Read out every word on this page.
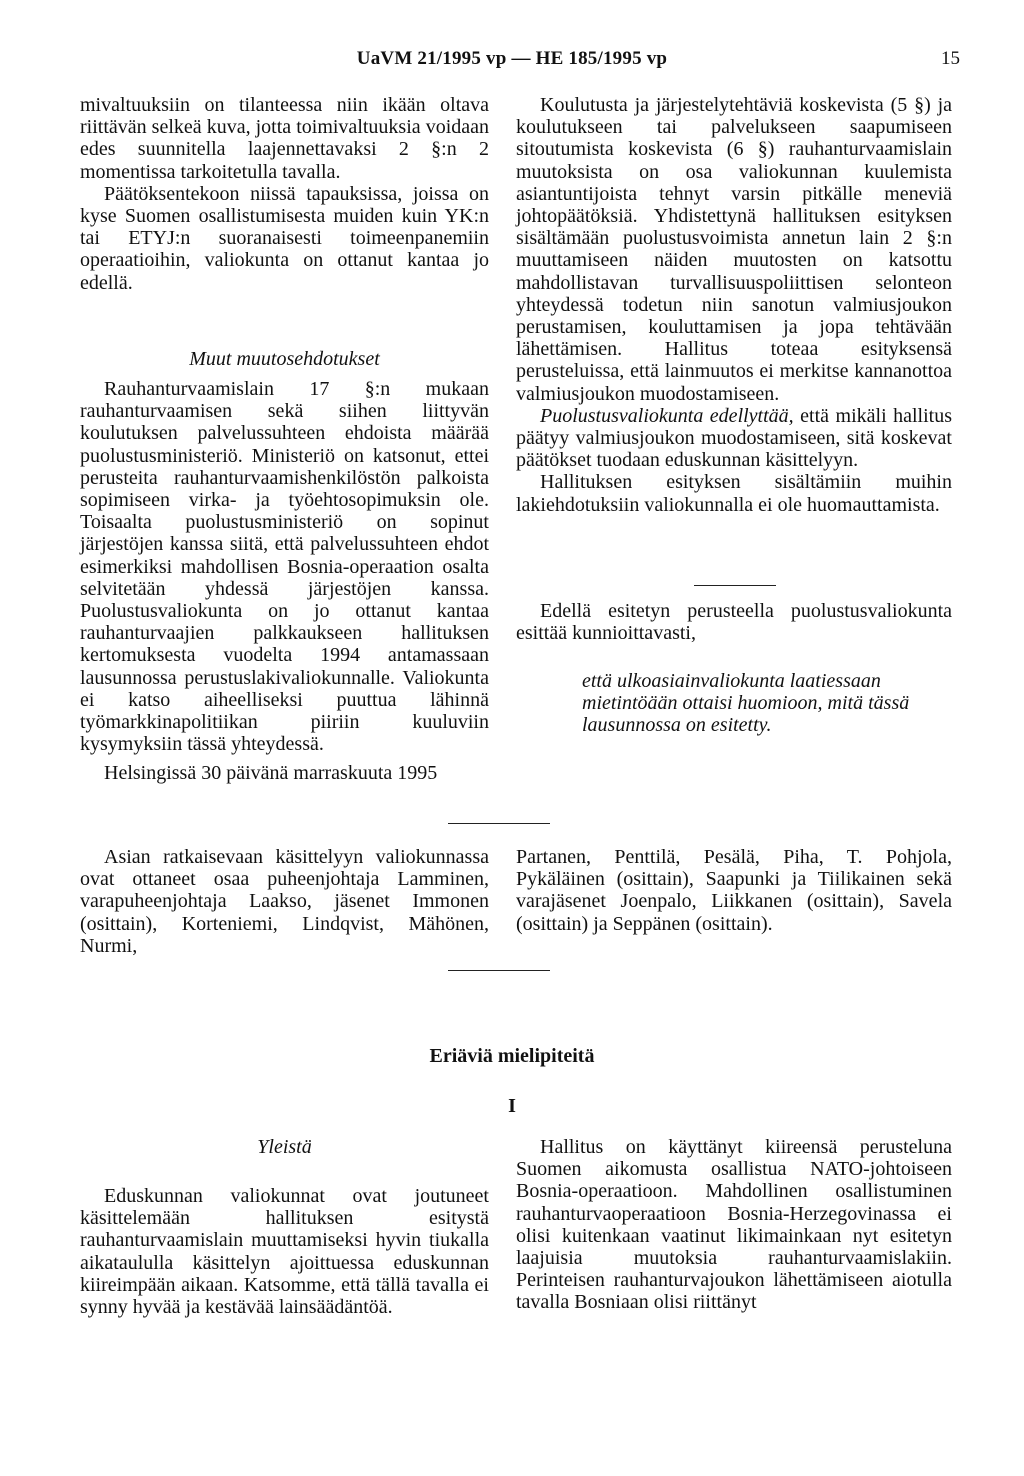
UaVM 21/1995 vp — HE 185/1995 vp	15

mivaltuuksiin on tilanteessa niin ikään oltava riittävän selkeä kuva, jotta toimivaltuuksia voidaan edes suunnitella laajennettavaksi 2 §:n 2 momentissa tarkoitetulla tavalla.

Päätöksentekoon niissä tapauksissa, joissa on kyse Suomen osallistumisesta muiden kuin YK:n tai ETYJ:n suoranaisesti toimeenpanemiin operaatioihin, valiokunta on ottanut kantaa jo edellä.

Muut muutosehdotukset

Rauhanturvaamislain 17 §:n mukaan rauhanturvaamisen sekä siihen liittyvän koulutuksen palvelussuhteen ehdoista määrää puolustusministeriö. Ministeriö on katsonut, ettei perusteita rauhanturvaamishenkilöstön palkoista sopimiseen virka- ja työehtosopimuksin ole. Toisaalta puolustusministeriö on sopinut järjestöjen kanssa siitä, että palvelussuhteen ehdot esimerkiksi mahdollisen Bosnia-operaation osalta selvitetään yhdessä järjestöjen kanssa. Puolustusvaliokunta on jo ottanut kantaa rauhanturvaajien palkkaukseen hallituksen kertomuksesta vuodelta 1994 antamassaan lausunnossa perustuslakivaliokunnalle. Valiokunta ei katso aiheelliseksi puuttua lähinnä työmarkkinapolitiikan piiriin kuuluviin kysymyksiin tässä yhteydessä.

Helsingissä 30 päivänä marraskuuta 1995

Koulutusta ja järjestelytehtäviä koskevista (5 §) ja koulutukseen tai palvelukseen saapumiseen sitoutumista koskevista (6 §) rauhanturvaamislain muutoksista on osa valiokunnan kuulemista asiantuntijoista tehnyt varsin pitkälle meneviä johtopäätöksiä. Yhdistettynä hallituksen esityksen sisältämään puolustusvoimista annetun lain 2 §:n muuttamiseen näiden muutosten on katsottu mahdollistavan turvallisuuspoliittisen selonteon yhteydessä todetun niin sanotun valmiusjoukon perustamisen, kouluttamisen ja jopa tehtävään lähettämisen. Hallitus toteaa esityksensä perusteluissa, että lainmuutos ei merkitse kannanottoa valmiusjoukon muodostamiseen.

Puolustusvaliokunta edellyttää, että mikäli hallitus päätyy valmiusjoukon muodostamiseen, sitä koskevat päätökset tuodaan eduskunnan käsittelyyn.

Hallituksen esityksen sisältämiin muihin lakiehdotuksiin valiokunnalla ei ole huomauttamista.

Edellä esitetyn perusteella puolustusvaliokunta esittää kunnioittavasti,

että ulkoasiainvaliokunta laatiessaan mietintöään ottaisi huomioon, mitä tässä lausunnossa on esitetty.

Asian ratkaisevaan käsittelyyn valiokunnassa ovat ottaneet osaa puheenjohtaja Lamminen, varapuheenjohtaja Laakso, jäsenet Immonen (osittain), Korteniemi, Lindqvist, Mähönen, Nurmi,

Partanen, Penttilä, Pesälä, Piha, T. Pohjola, Pykäläinen (osittain), Saapunki ja Tiilikainen sekä varajäsenet Joenpalo, Liikkanen (osittain), Savela (osittain) ja Seppänen (osittain).

Eriäviä mielipiteitä
I
Yleistä

Eduskunnan valiokunnat ovat joutuneet käsittelemään hallituksen esitystä rauhanturvaamislain muuttamiseksi hyvin tiukalla aikataululla käsittelyn ajoittuessa eduskunnan kiireimpään aikaan. Katsomme, että tällä tavalla ei synny hyvää ja kestävää lainsäädäntöä.

Hallitus on käyttänyt kiireensä perusteluna Suomen aikomusta osallistua NATO-johtoiseen Bosnia-operaatioon. Mahdollinen osallistuminen rauhanturvaoperaatioon Bosnia-Herzegovinassa ei olisi kuitenkaan vaatinut likimainkaan nyt esitetyn laajuisia muutoksia rauhanturvaamislakiin. Perinteisen rauhanturvajoukon lähettämiseen aiotulla tavalla Bosniaan olisi riittänyt
